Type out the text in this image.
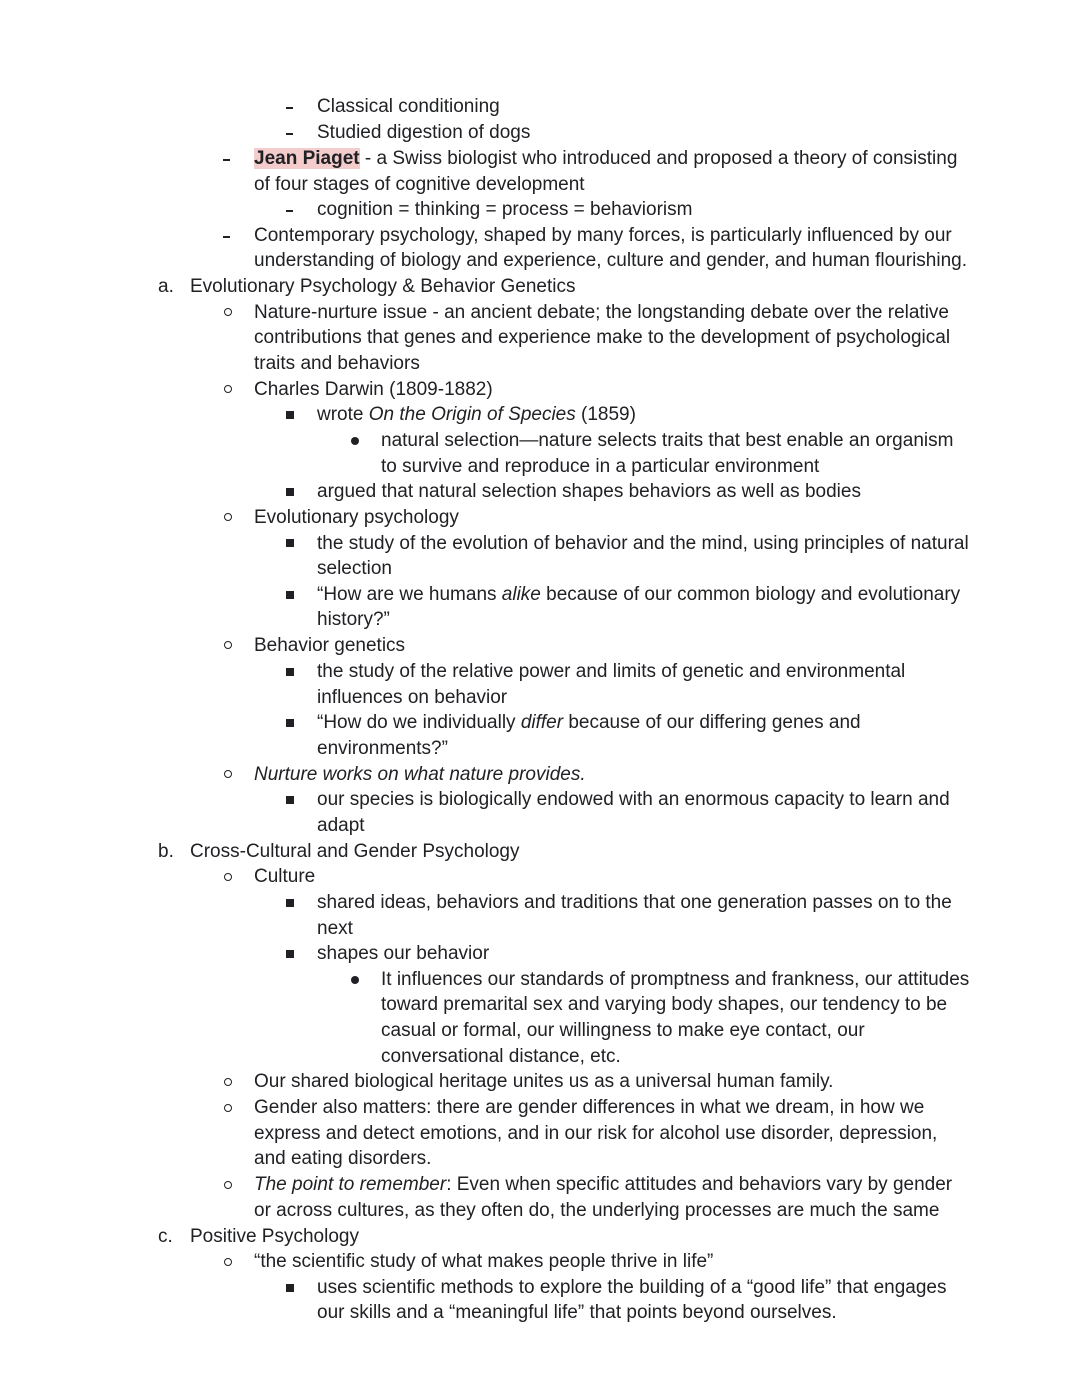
Classical conditioning
Studied digestion of dogs
Jean Piaget - a Swiss biologist who introduced and proposed a theory of consisting
of four stages of cognitive development
cognition = thinking = process = behaviorism
Contemporary psychology, shaped by many forces, is particularly influenced by our
understanding of biology and experience, culture and gender, and human flourishing.
a. Evolutionary Psychology & Behavior Genetics
Nature-nurture issue - an ancient debate; the longstanding debate over the relative
contributions that genes and experience make to the development of psychological
traits and behaviors
Charles Darwin (1809-1882)
wrote On the Origin of Species (1859)
natural selection—nature selects traits that best enable an organism
to survive and reproduce in a particular environment
argued that natural selection shapes behaviors as well as bodies
Evolutionary psychology
the study of the evolution of behavior and the mind, using principles of natural
selection
“How are we humans alike because of our common biology and evolutionary
history?”
Behavior genetics
the study of the relative power and limits of genetic and environmental
influences on behavior
“How do we individually differ because of our differing genes and
environments?”
Nurture works on what nature provides.
our species is biologically endowed with an enormous capacity to learn and
adapt
b. Cross-Cultural and Gender Psychology
Culture
shared ideas, behaviors and traditions that one generation passes on to the
next
shapes our behavior
It influences our standards of promptness and frankness, our attitudes
toward premarital sex and varying body shapes, our tendency to be
casual or formal, our willingness to make eye contact, our
conversational distance, etc.
Our shared biological heritage unites us as a universal human family.
Gender also matters: there are gender differences in what we dream, in how we
express and detect emotions, and in our risk for alcohol use disorder, depression,
and eating disorders.
The point to remember: Even when specific attitudes and behaviors vary by gender
or across cultures, as they often do, the underlying processes are much the same
c. Positive Psychology
“the scientific study of what makes people thrive in life”
uses scientific methods to explore the building of a “good life” that engages
our skills and a “meaningful life” that points beyond ourselves.
